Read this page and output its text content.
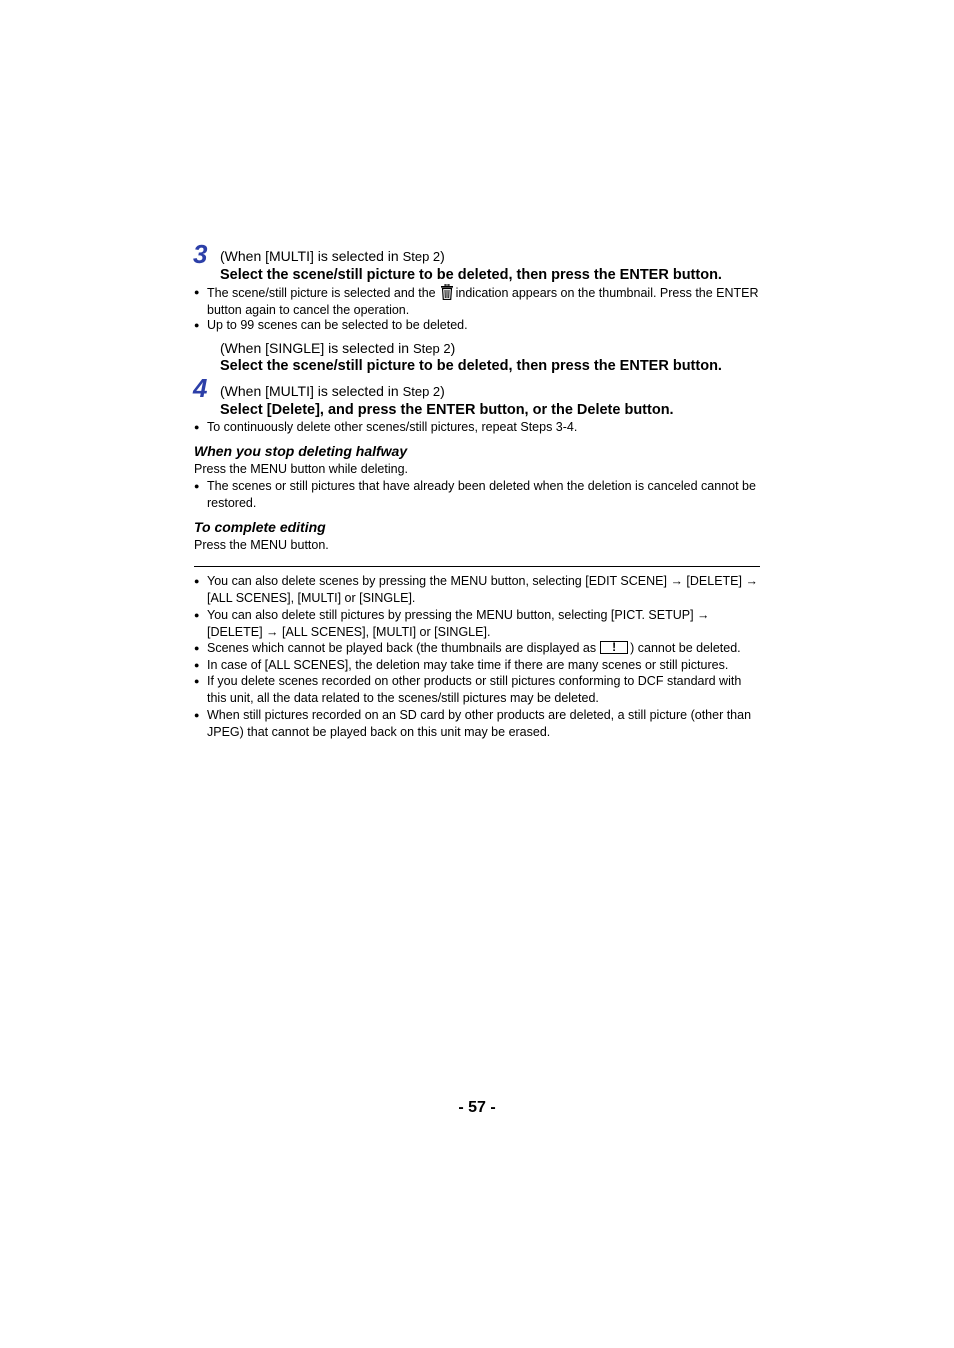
3 (When [MULTI] is selected in Step 2)
Select the scene/still picture to be deleted, then press the ENTER button.
● The scene/still picture is selected and the indication appears on the thumbnail. Press the ENTER button again to cancel the operation.
● Up to 99 scenes can be selected to be deleted.
(When [SINGLE] is selected in Step 2)
Select the scene/still picture to be deleted, then press the ENTER button.
4 (When [MULTI] is selected in Step 2)
Select [Delete], and press the ENTER button, or the Delete button.
● To continuously delete other scenes/still pictures, repeat Steps 3-4.
When you stop deleting halfway
Press the MENU button while deleting.
● The scenes or still pictures that have already been deleted when the deletion is canceled cannot be restored.
To complete editing
Press the MENU button.
● You can also delete scenes by pressing the MENU button, selecting [EDIT SCENE] → [DELETE] → [ALL SCENES], [MULTI] or [SINGLE].
● You can also delete still pictures by pressing the MENU button, selecting [PICT. SETUP] → [DELETE] → [ALL SCENES], [MULTI] or [SINGLE].
● Scenes which cannot be played back (the thumbnails are displayed as	!	) cannot be deleted.
● In case of [ALL SCENES], the deletion may take time if there are many scenes or still pictures.
● If you delete scenes recorded on other products or still pictures conforming to DCF standard with this unit, all the data related to the scenes/still pictures may be deleted.
● When still pictures recorded on an SD card by other products are deleted, a still picture (other than JPEG) that cannot be played back on this unit may be erased.
- 57 -
